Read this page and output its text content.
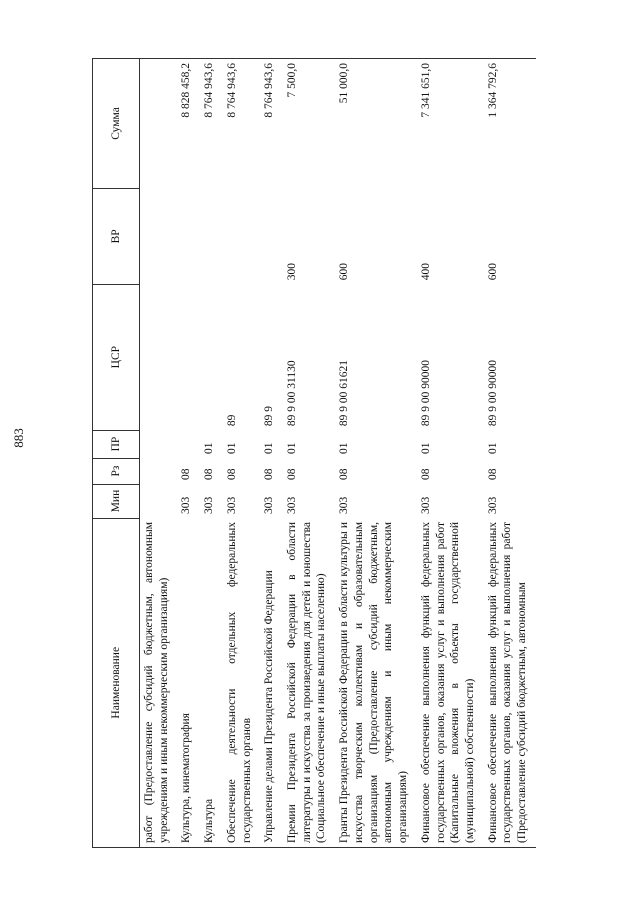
883
Наименование	Мин	Рз	ПР	ЦСР	ВР	Сумма
работ (Предоставление субсидий бюджетным, автономным учреждениям и иным некоммерческим организациям)						
Культура, кинематография	303	08				8 828 458,2
Культура	303	08	01			8 764 943,6
Обеспечение деятельности отдельных федеральных государственных органов	303	08	01	89		8 764 943,6
Управление делами Президента Российской Федерации	303	08	01	89 9		8 764 943,6
Премии Президента Российской Федерации в области литературы и искусства за произведения для детей и юношества (Социальное обеспечение и иные выплаты населению)	303	08	01	89 9 00 31130	300	7 500,0
Гранты Президента Российской Федерации в области культуры и искусства творческим коллективам и образовательным организациям (Предоставление субсидий бюджетным, автономным учреждениям и иным некоммерческим организациям)	303	08	01	89 9 00 61621	600	51 000,0
Финансовое обеспечение выполнения функций федеральных государственных органов, оказания услуг и выполнения работ (Капитальные вложения в объекты государственной (муниципальной) собственности)	303	08	01	89 9 00 90000	400	7 341 651,0
Финансовое обеспечение выполнения функций федеральных государственных органов, оказания услуг и выполнения работ (Предоставление субсидий бюджетным, автономным	303	08	01	89 9 00 90000	600	1 364 792,6
